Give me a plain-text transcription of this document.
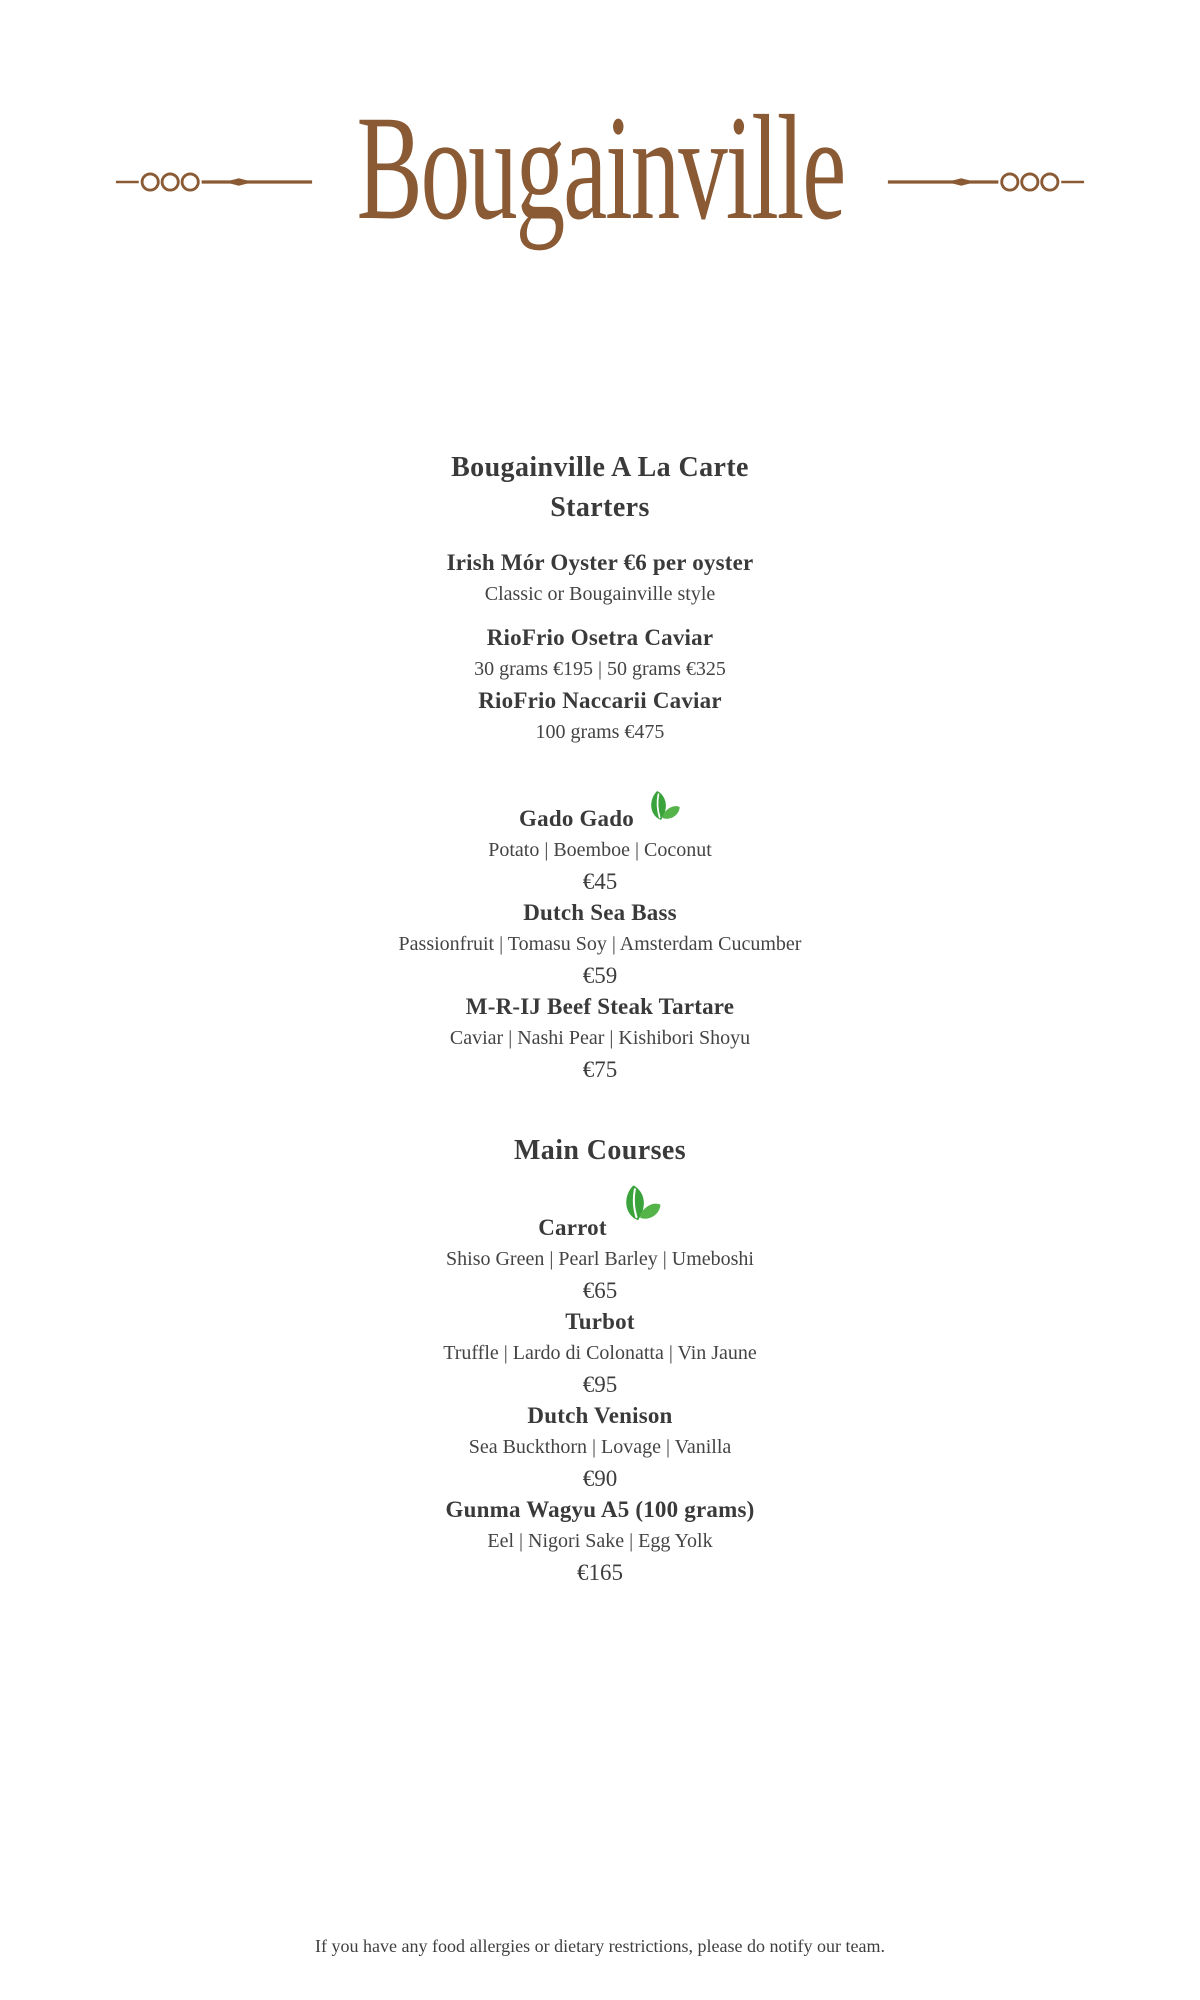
Bougainville
Bougainville A La Carte
Starters
Irish Mór Oyster €6 per oyster
Classic or Bougainville style
RioFrio Osetra Caviar
30 grams €195 | 50 grams €325
RioFrio Naccarii Caviar
100 grams €475
Gado Gado
Potato | Boemboe | Coconut
€45
Dutch Sea Bass
Passionfruit | Tomasu Soy | Amsterdam Cucumber
€59
M-R-IJ Beef Steak Tartare
Caviar | Nashi Pear | Kishibori Shoyu
€75
Main Courses
Carrot
Shiso Green | Pearl Barley | Umeboshi
€65
Turbot
Truffle | Lardo di Colonatta | Vin Jaune
€95
Dutch Venison
Sea Buckthorn | Lovage | Vanilla
€90
Gunma Wagyu A5 (100 grams)
Eel | Nigori Sake | Egg Yolk
€165

If you have any food allergies or dietary restrictions, please do notify our team.
